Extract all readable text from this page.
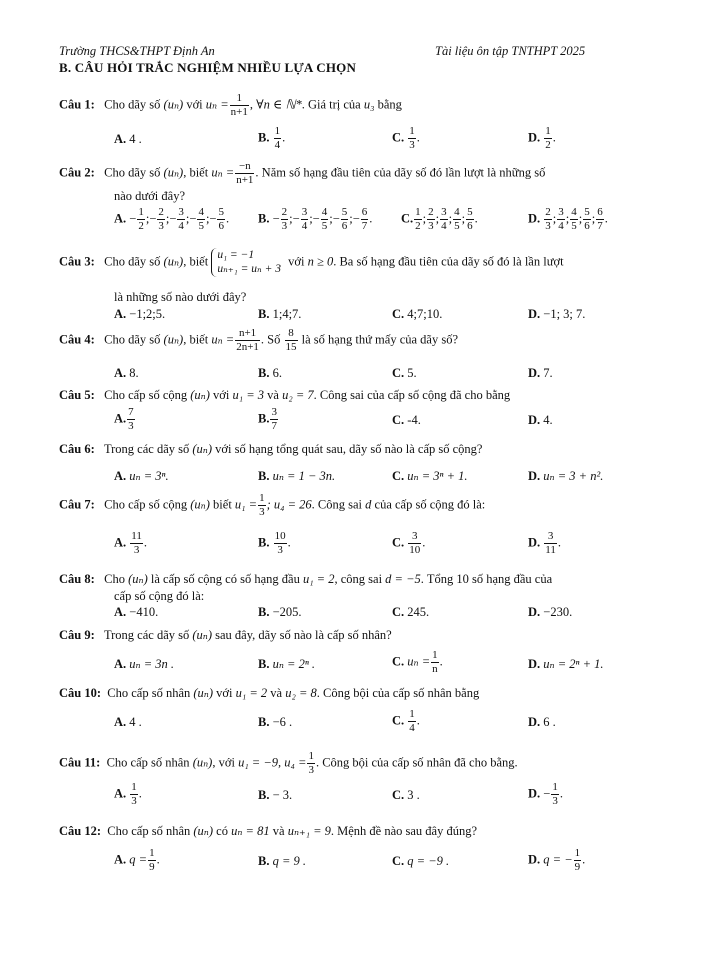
Trường THCS&THPT Định An	Tài liệu ôn tập TNTHPT 2025
B. CÂU HỎI TRẮC NGHIỆM NHIỀU LỰA CHỌN
Câu 1: Cho dãy số (uₙ) với $u_n = \frac{1}{n+1}$ , ∀n ∈ ℕ*. Giá trị của u₃ bằng
A. 4 .	B. $\frac{1}{4}$ .	C. $\frac{1}{3}$ .	D. $\frac{1}{2}$ .
Câu 2: Cho dãy số (uₙ), biết $u_n = \frac{-n}{n+1}$ . Năm số hạng đầu tiên của dãy số đó lần lượt là những số
nào dưới đây?
A. − $\frac{1}{2}$ ;− $\frac{2}{3}$ ;− $\frac{3}{4}$ ;− $\frac{4}{5}$ ;− $\frac{5}{6}$ . B. − $\frac{2}{3}$ ;− $\frac{3}{4}$ ;− $\frac{4}{5}$ ;− $\frac{5}{6}$ ;− $\frac{6}{7}$ . C. $\frac{1}{2}$ ; $\frac{2}{3}$ ; $\frac{3}{4}$ ; $\frac{4}{5}$ ; $\frac{5}{6}$ .	D. $\frac{2}{3}$ ; $\frac{3}{4}$ ; $\frac{4}{5}$ ; $\frac{5}{6}$ ; $\frac{6}{7}$ .
Câu 3: Cho dãy số (uₙ), biết u₁ = −1
uₙ₊₁ = uₙ + 3 với n ≥ 0. Ba số hạng đầu tiên của dãy số đó là lần lượt
là những số nào dưới đây?
A. −1;2;5.	B. 1;4;7.	C. 4;7;10.	D. −1; 3; 7.
Câu 4: Cho dãy số (uₙ), biết $u_n = \frac{n+1}{2n+1}$ . Số $\frac{8}{15}$ là số hạng thứ mấy của dãy số?
A. 8.	B. 6.	C. 5.	D. 7.
Câu 5: Cho cấp số cộng (uₙ) với u₁ = 3 và u₂ = 7. Công sai của cấp số cộng đã cho bằng
A. $\frac{7}{3}$	B. $\frac{3}{7}$	C. -4.	D. 4.
Câu 6: Trong các dãy số (uₙ) với số hạng tổng quát sau, dãy số nào là cấp số cộng?
A. uₙ = 3ⁿ.	B. uₙ = 1 − 3n.	C. uₙ = 3ⁿ + 1.	D. uₙ = 3 + n².
Câu 7: Cho cấp số cộng (uₙ) biết $u_1 = \frac{1}{3}$ ; u₄ = 26. Công sai d của cấp số cộng đó là:
A. $\frac{11}{3}$ .	B. $\frac{10}{3}$ .	C. $\frac{3}{10}$ .	D. $\frac{3}{11}$ .
Câu 8: Cho (uₙ) là cấp số cộng có số hạng đầu u₁ = 2, công sai d = −5. Tổng 10 số hạng đầu của
cấp số cộng đó là:
A. −410.	B. −205.	C. 245.	D. −230.
Câu 9: Trong các dãy số (uₙ) sau đây, dãy số nào là cấp số nhân?
A. uₙ = 3n .	B. uₙ = 2ⁿ .	C. $u_n = \frac{1}{n}$ .	D. uₙ = 2ⁿ + 1.
Câu 10: Cho cấp số nhân (uₙ) với u₁ = 2 và u₂ = 8. Công bội của cấp số nhân bằng
A. 4 .	B. −6 .	C. $\frac{1}{4}$ .	D. 6 .
Câu 11: Cho cấp số nhân (uₙ), với u₁ = −9, $u_4 = \frac{1}{3}$ . Công bội của cấp số nhân đã cho bằng.
A. $\frac{1}{3}$ .	B. − 3.	C. 3 .	D. − $\frac{1}{3}$ .
Câu 12: Cho cấp số nhân (uₙ) có uₙ = 81 và uₙ₊₁ = 9. Mệnh đề nào sau đây đúng?
A. $q = \frac{1}{9}$ .	B. q = 9 .	C. q = −9 .	D. q = − $\frac{1}{9}$ .
